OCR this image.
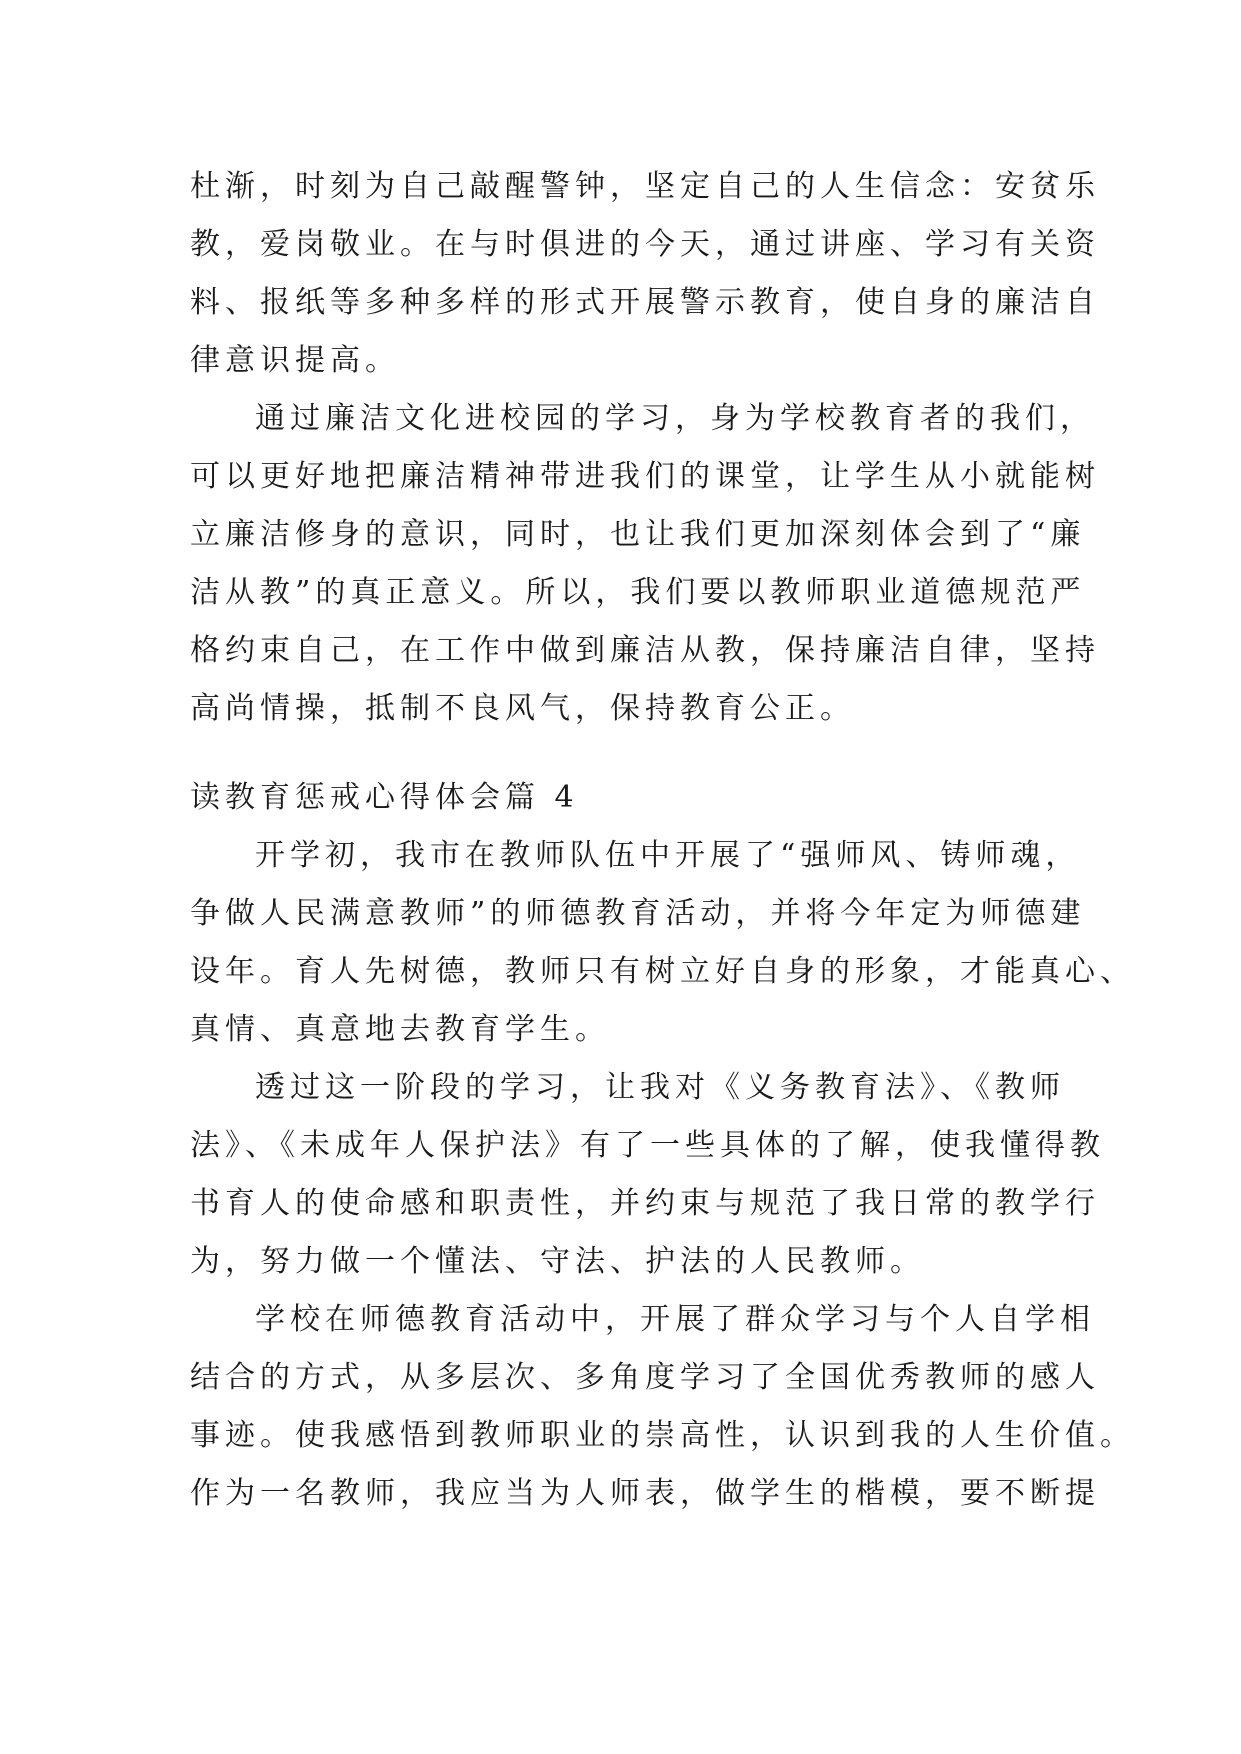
杜渐，时刻为自己敲醒警钟，坚定自己的人生信念：安贫乐
教，爱岗敬业。在与时俱进的今天，通过讲座、学习有关资
料、报纸等多种多样的形式开展警示教育，使自身的廉洁自
律意识提高。
通过廉洁文化进校园的学习，身为学校教育者的我们，
可以更好地把廉洁精神带进我们的课堂，让学生从小就能树
立廉洁修身的意识，同时，也让我们更加深刻体会到了“廉
洁从教”的真正意义。所以，我们要以教师职业道德规范严
格约束自己，在工作中做到廉洁从教，保持廉洁自律，坚持
高尚情操，抵制不良风气，保持教育公正。
读教育惩戒心得体会篇 4
开学初，我市在教师队伍中开展了“强师风、铸师魂，
争做人民满意教师”的师德教育活动，并将今年定为师德建
设年。育人先树德，教师只有树立好自身的形象，才能真心、
真情、真意地去教育学生。
透过这一阶段的学习，让我对《义务教育法》、《教师
法》、《未成年人保护法》有了一些具体的了解，使我懂得教
书育人的使命感和职责性，并约束与规范了我日常的教学行
为，努力做一个懂法、守法、护法的人民教师。
学校在师德教育活动中，开展了群众学习与个人自学相
结合的方式，从多层次、多角度学习了全国优秀教师的感人
事迹。使我感悟到教师职业的崇高性，认识到我的人生价值。
作为一名教师，我应当为人师表，做学生的楷模，要不断提
